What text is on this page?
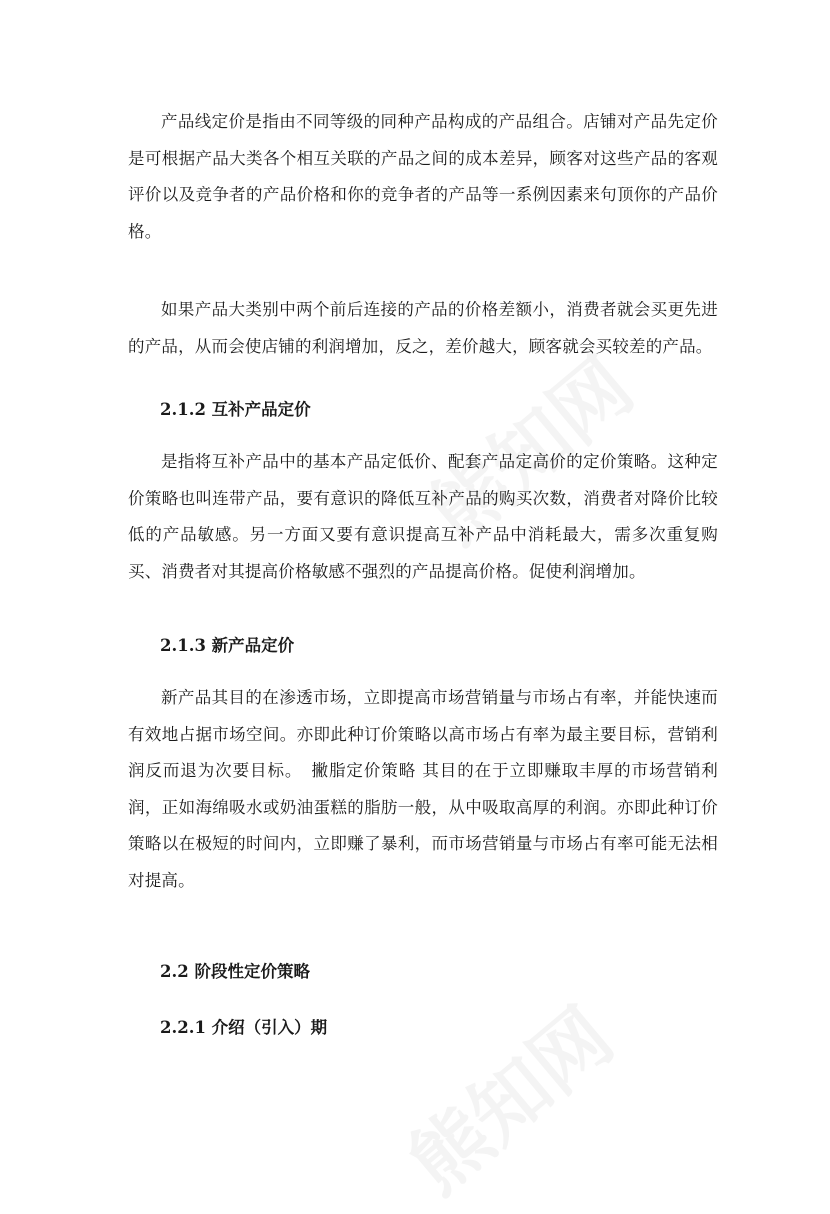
产品线定价是指由不同等级的同种产品构成的产品组合。店铺对产品先定价是可根据产品大类各个相互关联的产品之间的成本差异，顾客对这些产品的客观评价以及竞争者的产品价格和你的竞争者的产品等一系例因素来句顶你的产品价格。

如果产品大类别中两个前后连接的产品的价格差额小，消费者就会买更先进的产品，从而会使店铺的利润增加，反之，差价越大，顾客就会买较差的产品。

2.1.2 互补产品定价

是指将互补产品中的基本产品定低价、配套产品定高价的定价策略。这种定价策略也叫连带产品，要有意识的降低互补产品的购买次数，消费者对降价比较低的产品敏感。另一方面又要有意识提高互补产品中消耗最大，需多次重复购买、消费者对其提高价格敏感不强烈的产品提高价格。促使利润增加。

2.1.3 新产品定价

新产品其目的在渗透市场，立即提高市场营销量与市场占有率，并能快速而有效地占据市场空间。亦即此种订价策略以高市场占有率为最主要目标，营销利润反而退为次要目标。　撇脂定价策略 其目的在于立即赚取丰厚的市场营销利润，正如海绵吸水或奶油蛋糕的脂肪一般，从中吸取高厚的利润。亦即此种订价策略以在极短的时间内，立即赚了暴利，而市场营销量与市场占有率可能无法相对提高。

2.2 阶段性定价策略
2.2.1 介绍（引入）期
